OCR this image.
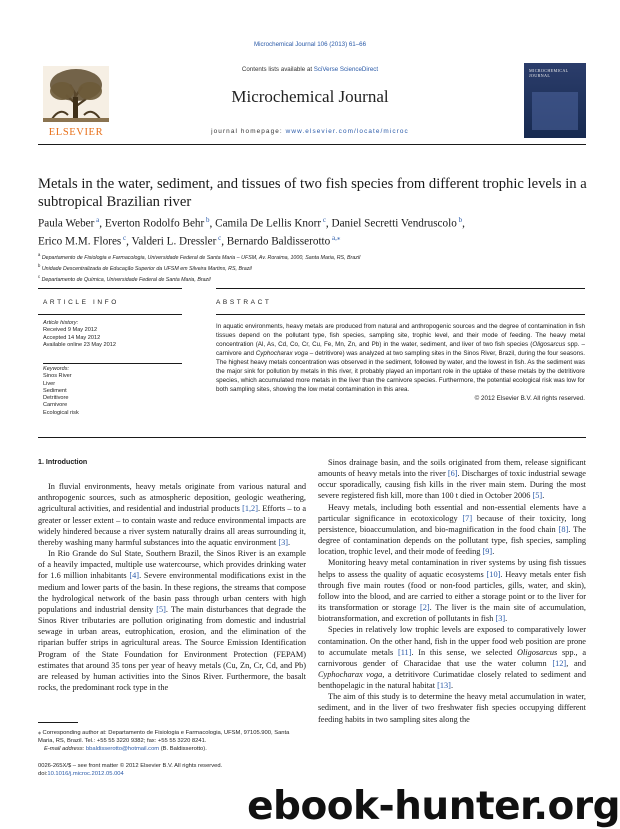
Microchemical Journal 106 (2013) 61–66
ELSEVIER
Contents lists available at SciVerse ScienceDirect
Microchemical Journal
journal homepage: www.elsevier.com/locate/microc
MICROCHEMICAL JOURNAL
Metals in the water, sediment, and tissues of two fish species from different trophic levels in a subtropical Brazilian river
Paula Weber $^a$, Everton Rodolfo Behr $^b$, Camila De Lellis Knorr $^c$, Daniel Secretti Vendruscolo $^b$,
Erico M.M. Flores $^c$, Valderi L. Dressler $^c$, Bernardo Baldisserotto $^{a,⁎}$
$^a$ Departamento de Fisiologia e Farmacologia, Universidade Federal de Santa Maria – UFSM, Av. Roraima, 1000, Santa Maria, RS, Brazil
$^b$ Unidade Descentralizada de Educação Superior da UFSM em Silveira Martins, RS, Brazil
$^c$ Departamento de Química, Universidade Federal de Santa Maria, Brazil
ARTICLE INFO	ABSTRACT
Article history:
Received 9 May 2012
Accepted 14 May 2012
Available online 23 May 2012
Keywords:
Sinos River
Liver
Sediment
Detritivore
Carnivore
Ecological risk
In aquatic environments, heavy metals are produced from natural and anthropogenic sources and the degree of contamination in fish tissues depend on the pollutant type, fish species, sampling site, trophic level, and their mode of feeding. The heavy metal concentration (Al, As, Cd, Co, Cr, Cu, Fe, Mn, Zn, and Pb) in the water, sediment, and liver of two fish species (Oligosarcus spp. – carnivore and Cyphocharax voga – detritivore) was analyzed at two sampling sites in the Sinos River, Brazil, during the four seasons. The highest heavy metals concentration was observed in the sediment, followed by water, and the lowest in fish. As the sediment was the major sink for pollution by metals in this river, it probably played an important role in the uptake of these metals by the detritivore species, which accumulated more metals in the liver than the carnivore species. Furthermore, the potential ecological risk was low for both sampling sites, showing the low metal contamination in this area.
© 2012 Elsevier B.V. All rights reserved.

1. Introduction

In fluvial environments, heavy metals originate from various natural and anthropogenic sources, such as atmospheric deposition, geologic weathering, agricultural activities, and residential and industrial products [1,2]. Efforts – to a greater or lesser extent – to contain waste and reduce environmental impacts are widely hindered because a river system naturally drains all areas surrounding it, thereby washing many harmful substances into the aquatic environment [3].

In Rio Grande do Sul State, Southern Brazil, the Sinos River is an example of a heavily impacted, multiple use watercourse, which provides drinking water for 1.6 million inhabitants [4]. Severe environmental modifications exist in the medium and lower parts of the basin. In these regions, the streams that compose the hydrological network of the basin pass through urban centers with high populations and industrial density [5]. The main disturbances that degrade the Sinos River tributaries are pollution originating from domestic and industrial sewage in urban areas, eutrophication, erosion, and the elimination of the riparian buffer strips in agricultural areas. The Source Emission Identification Program of the State Foundation for Environment Protection (FEPAM) estimates that around 35 tons per year of heavy metals (Cu, Zn, Cr, Cd, and Pb) are released by human activities into the Sinos River. Furthermore, the basalt rocks, the predominant rock type in the

Sinos drainage basin, and the soils originated from them, release significant amounts of heavy metals into the river [6]. Discharges of toxic industrial sewage occur sporadically, causing fish kills in the river main stem. During the most severe registered fish kill, more than 100 t died in October 2006 [5].

Heavy metals, including both essential and non-essential elements have a particular significance in ecotoxicology [7] because of their toxicity, long persistence, bioaccumulation, and bio-magnification in the food chain [8]. The degree of contamination depends on the pollutant type, fish species, sampling location, trophic level, and their mode of feeding [9].

Monitoring heavy metal contamination in river systems by using fish tissues helps to assess the quality of aquatic ecosystems [10]. Heavy metals enter fish through five main routes (food or non-food particles, gills, water, and skin), follow into the blood, and are carried to either a storage point or to the liver for its transformation or storage [2]. The liver is the main site of accumulation, biotransformation, and excretion of pollutants in fish [3].

Species in relatively low trophic levels are exposed to comparatively lower contamination. On the other hand, fish in the upper food web position are prone to accumulate metals [11]. In this sense, we selected Oligosarcus spp., a carnivorous gender of Characidae that use the water column [12], and Cyphocharax voga, a detritivore Curimatidae closely related to sediment and benthopelagic in the natural habitat [13].

The aim of this study is to determine the heavy metal accumulation in water, sediment, and in the liver of two freshwater fish species occupying different feeding habits in two sampling sites along the

⁎ Corresponding author at: Departamento de Fisiologia e Farmacologia, UFSM, 97105.900, Santa Maria, RS, Brazil. Tel.: +55 55 3220 9382; fax: +55 55 3220 8241.
E-mail address: bbaldisserotto@hotmail.com (B. Baldisserotto).
0026-265X/$ – see front matter © 2012 Elsevier B.V. All rights reserved.
doi:10.1016/j.microc.2012.05.004
ebook-hunter.org
